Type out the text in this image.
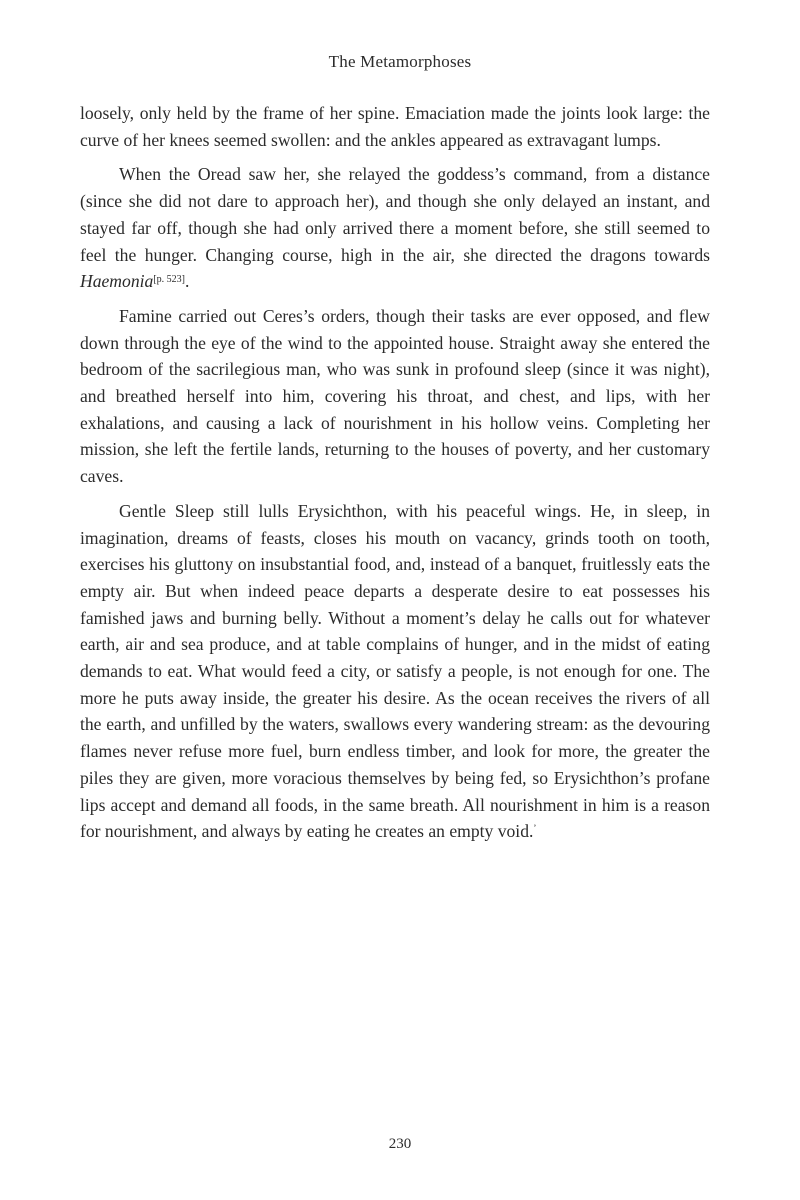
The Metamorphoses

loosely, only held by the frame of her spine. Emaciation made the joints look large: the curve of her knees seemed swollen: and the ankles appeared as extravagant lumps.

When the Oread saw her, she relayed the goddess’s command, from a distance (since she did not dare to approach her), and though she only delayed an instant, and stayed far off, though she had only arrived there a moment before, she still seemed to feel the hunger. Changing course, high in the air, she directed the dragons towards Haemonia[p. 523].

Famine carried out Ceres’s orders, though their tasks are ever opposed, and flew down through the eye of the wind to the appointed house. Straight away she entered the bedroom of the sacrilegious man, who was sunk in profound sleep (since it was night), and breathed herself into him, covering his throat, and chest, and lips, with her exhalations, and causing a lack of nourishment in his hollow veins. Completing her mission, she left the fertile lands, returning to the houses of poverty, and her customary caves.

Gentle Sleep still lulls Erysichthon, with his peaceful wings. He, in sleep, in imagination, dreams of feasts, closes his mouth on vacancy, grinds tooth on tooth, exercises his gluttony on insubstantial food, and, instead of a banquet, fruitlessly eats the empty air. But when indeed peace departs a desperate desire to eat possesses his famished jaws and burning belly. Without a moment’s delay he calls out for whatever earth, air and sea produce, and at table complains of hunger, and in the midst of eating demands to eat. What would feed a city, or satisfy a people, is not enough for one. The more he puts away inside, the greater his desire. As the ocean receives the rivers of all the earth, and unfilled by the waters, swallows every wandering stream: as the devouring flames never refuse more fuel, burn endless timber, and look for more, the greater the piles they are given, more voracious themselves by being fed, so Erysichthon’s profane lips accept and demand all foods, in the same breath. All nourishment in him is a reason for nourishment, and always by eating he creates an empty void.’

230
